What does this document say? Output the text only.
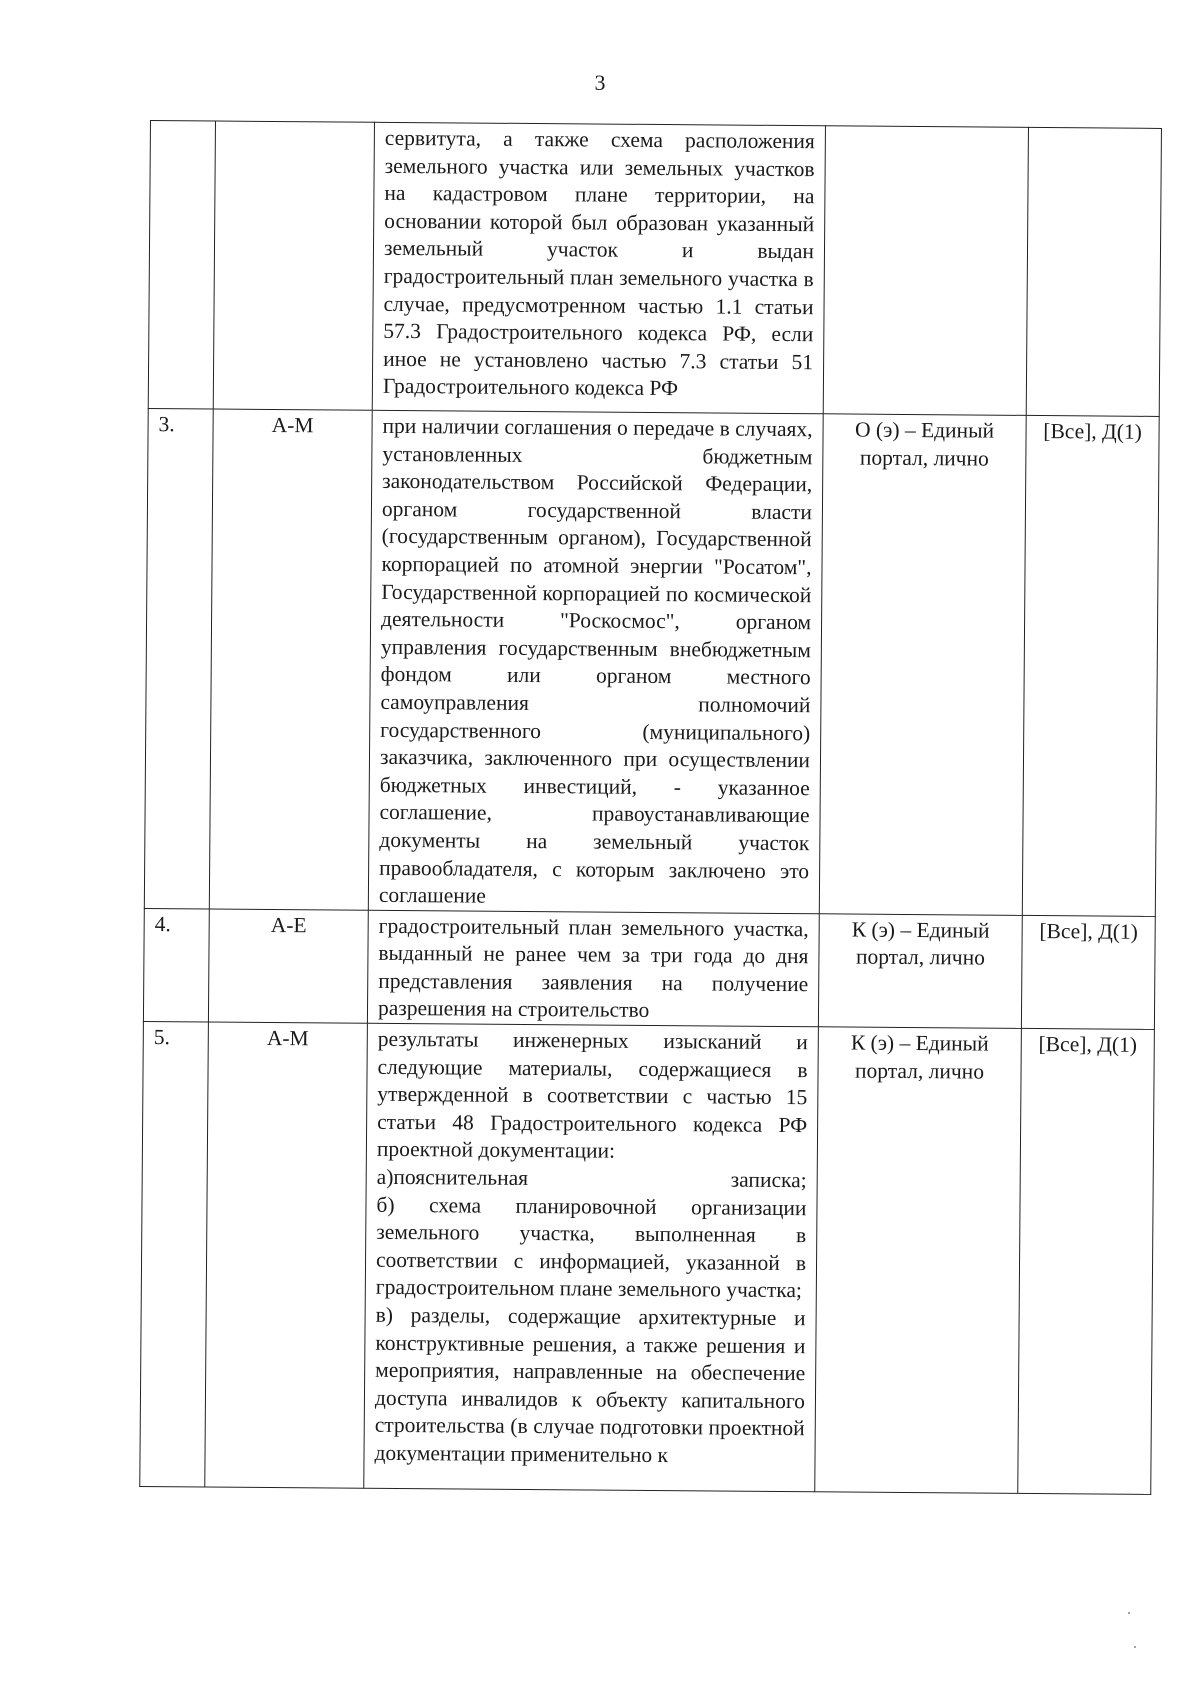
3

		сервитута, а также схема расположения земельного участка или земельных участков на кадастровом плане территории, на основании которой был образован указанный земельный участок и выдан градостроительный план земельного участка в случае, предусмотренном частью 1.1 статьи 57.3 Градостроительного кодекса РФ, если иное не установлено частью 7.3 статьи 51 Градостроительного кодекса РФ		

3.	А-М	при наличии соглашения о передаче в случаях, установленных бюджетным законодательством Российской Федерации, органом государственной власти (государственным органом), Государственной корпорацией по атомной энергии "Росатом", Государственной корпорацией по космической деятельности "Роскосмос", органом управления государственным внебюджетным фондом или органом местного самоуправления полномочий государственного (муниципального) заказчика, заключенного при осуществлении бюджетных инвестиций, - указанное соглашение, правоустанавливающие документы на земельный участок правообладателя, с которым заключено это соглашение	О (э) – Единый портал, лично	[Все], Д(1)
4.	А-Е	градостроительный план земельного участка, выданный не ранее чем за три года до дня представления заявления на получение разрешения на строительство	К (э) – Единый портал, лично	[Все], Д(1)
5.	А-М	результаты инженерных изысканий и следующие материалы, содержащиеся в утвержденной в соответствии с частью 15 статьи 48 Градостроительного кодекса РФ проектной документации:
а)пояснительная записка;
б) схема планировочной организации земельного участка, выполненная в соответствии с информацией, указанной в градостроительном плане земельного участка;
в) разделы, содержащие архитектурные и конструктивные решения, а также решения и мероприятия, направленные на обеспечение доступа инвалидов к объекту капитального строительства (в случае подготовки проектной документации применительно к	К (э) – Единый портал, лично	[Все], Д(1)
